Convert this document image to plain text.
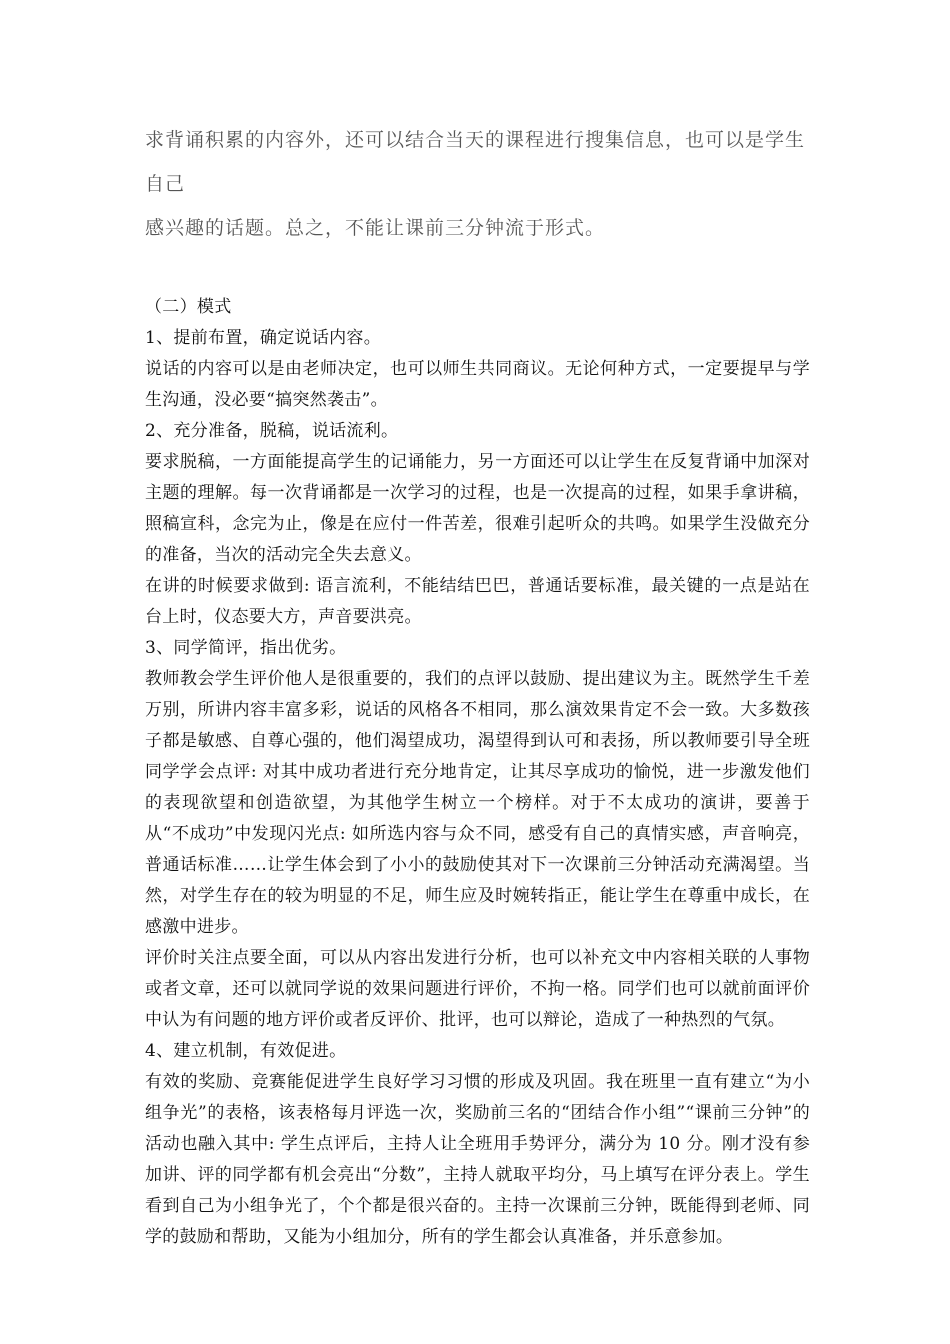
求背诵积累的内容外，还可以结合当天的课程进行搜集信息，也可以是学生自己

感兴趣的话题。总之，不能让课前三分钟流于形式。

（二）模式

1、提前布置，确定说话内容。

说话的内容可以是由老师决定，也可以师生共同商议。无论何种方式，一定要提早与学生沟通，没必要“搞突然袭击”。

2、充分准备，脱稿，说话流利。

要求脱稿，一方面能提高学生的记诵能力，另一方面还可以让学生在反复背诵中加深对主题的理解。每一次背诵都是一次学习的过程，也是一次提高的过程，如果手拿讲稿，照稿宣科，念完为止，像是在应付一件苦差，很难引起听众的共鸣。如果学生没做充分的准备，当次的活动完全失去意义。

在讲的时候要求做到: 语言流利，不能结结巴巴，普通话要标准，最关键的一点是站在台上时，仪态要大方，声音要洪亮。

3、同学简评，指出优劣。

教师教会学生评价他人是很重要的，我们的点评以鼓励、提出建议为主。既然学生千差万别，所讲内容丰富多彩，说话的风格各不相同，那么演效果肯定不会一致。大多数孩子都是敏感、自尊心强的，他们渴望成功，渴望得到认可和表扬，所以教师要引导全班同学学会点评: 对其中成功者进行充分地肯定，让其尽享成功的愉悦，进一步激发他们的表现欲望和创造欲望，为其他学生树立一个榜样。对于不太成功的演讲，要善于从“不成功”中发现闪光点: 如所选内容与众不同，感受有自己的真情实感，声音响亮，普通话标准……让学生体会到了小小的鼓励使其对下一次课前三分钟活动充满渴望。当然，对学生存在的较为明显的不足，师生应及时婉转指正，能让学生在尊重中成长，在感激中进步。

评价时关注点要全面，可以从内容出发进行分析，也可以补充文中内容相关联的人事物或者文章，还可以就同学说的效果问题进行评价，不拘一格。同学们也可以就前面评价中认为有问题的地方评价或者反评价、批评，也可以辩论，造成了一种热烈的气氛。

4、建立机制，有效促进。

有效的奖励、竞赛能促进学生良好学习习惯的形成及巩固。我在班里一直有建立“为小组争光”的表格，该表格每月评选一次，奖励前三名的“团结合作小组”“课前三分钟”的活动也融入其中: 学生点评后，主持人让全班用手势评分，满分为 10 分。刚才没有参加讲、评的同学都有机会亮出“分数”，主持人就取平均分，马上填写在评分表上。学生看到自己为小组争光了，个个都是很兴奋的。主持一次课前三分钟，既能得到老师、同学的鼓励和帮助，又能为小组加分，所有的学生都会认真准备，并乐意参加。
